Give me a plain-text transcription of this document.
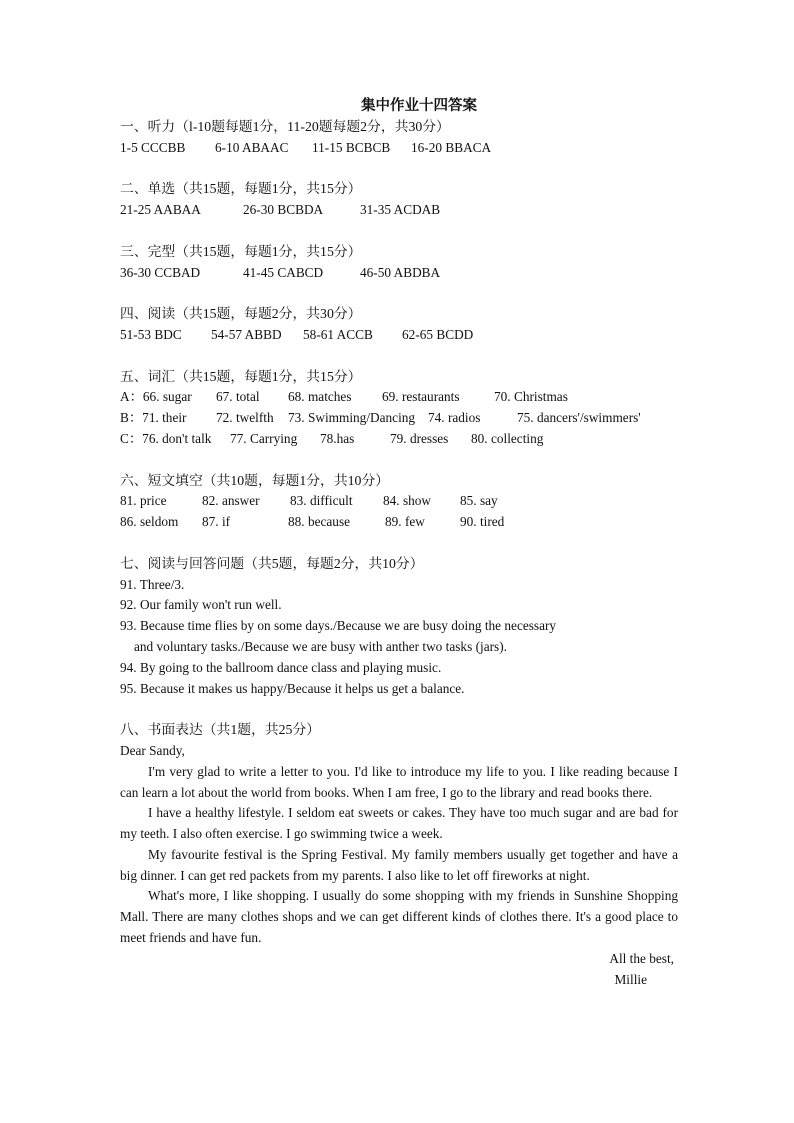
集中作业十四答案
一、听力（l-10题每题1分，11-20题每题2分，共30分）
1-5 CCCBB 6-10 ABAAC 11-15 BCBCB 16-20 BBACA
二、单选（共15题，每题1分，共15分）
21-25 AABAA	26-30 BCBDA	31-35 ACDAB
三、完型（共15题，每题1分，共15分）
36-30 CCBAD	41-45 CABCD	46-50 ABDBA
四、阅读（共15题，每题2分，共30分）
51-53 BDC 54-57 ABBD 58-61 ACCB 62-65 BCDD
五、词汇（共15题，每题1分，共15分）
A：66. sugar 67. total 68. matches 69. restaurants	70. Christmas
B：71. their 72. twelfth 73. Swimming/Dancing 74. radios	75. dancers'/swimmers'
C：76. don't talk 77. Carrying 78.has	79. dresses 80. collecting
六、短文填空（共10题，每题1分，共10分）
81. price	82. answer 83. difficult 84. show 85. say
86. seldom 87. if	88. because	89. few	90. tired
七、阅读与回答问题（共5题，每题2分，共10分）
91. Three/3.
92. Our family won't run well.
93. Because time flies by on some days./Because we are busy doing the necessary
and voluntary tasks./Because we are busy with anther two tasks (jars).
94. By going to the ballroom dance class and playing music.
95. Because it makes us happy/Because it helps us get a balance.
八、书面表达（共1题，共25分）
Dear Sandy,
I'm very glad to write a letter to you. I'd like to introduce my life to you. I like reading because I can learn a lot about the world from books. When I am free, I go to the library and read books there.
I have a healthy lifestyle. I seldom eat sweets or cakes. They have too much sugar and are bad for my teeth. I also often exercise. I go swimming twice a week.
My favourite festival is the Spring Festival. My family members usually get together and have a big dinner. I can get red packets from my parents. I also like to let off fireworks at night.
What's more, I like shopping. I usually do some shopping with my friends in Sunshine Shopping Mall. There are many clothes shops and we can get different kinds of clothes there. It's a good place to meet friends and have fun.
All the best,
Millie
